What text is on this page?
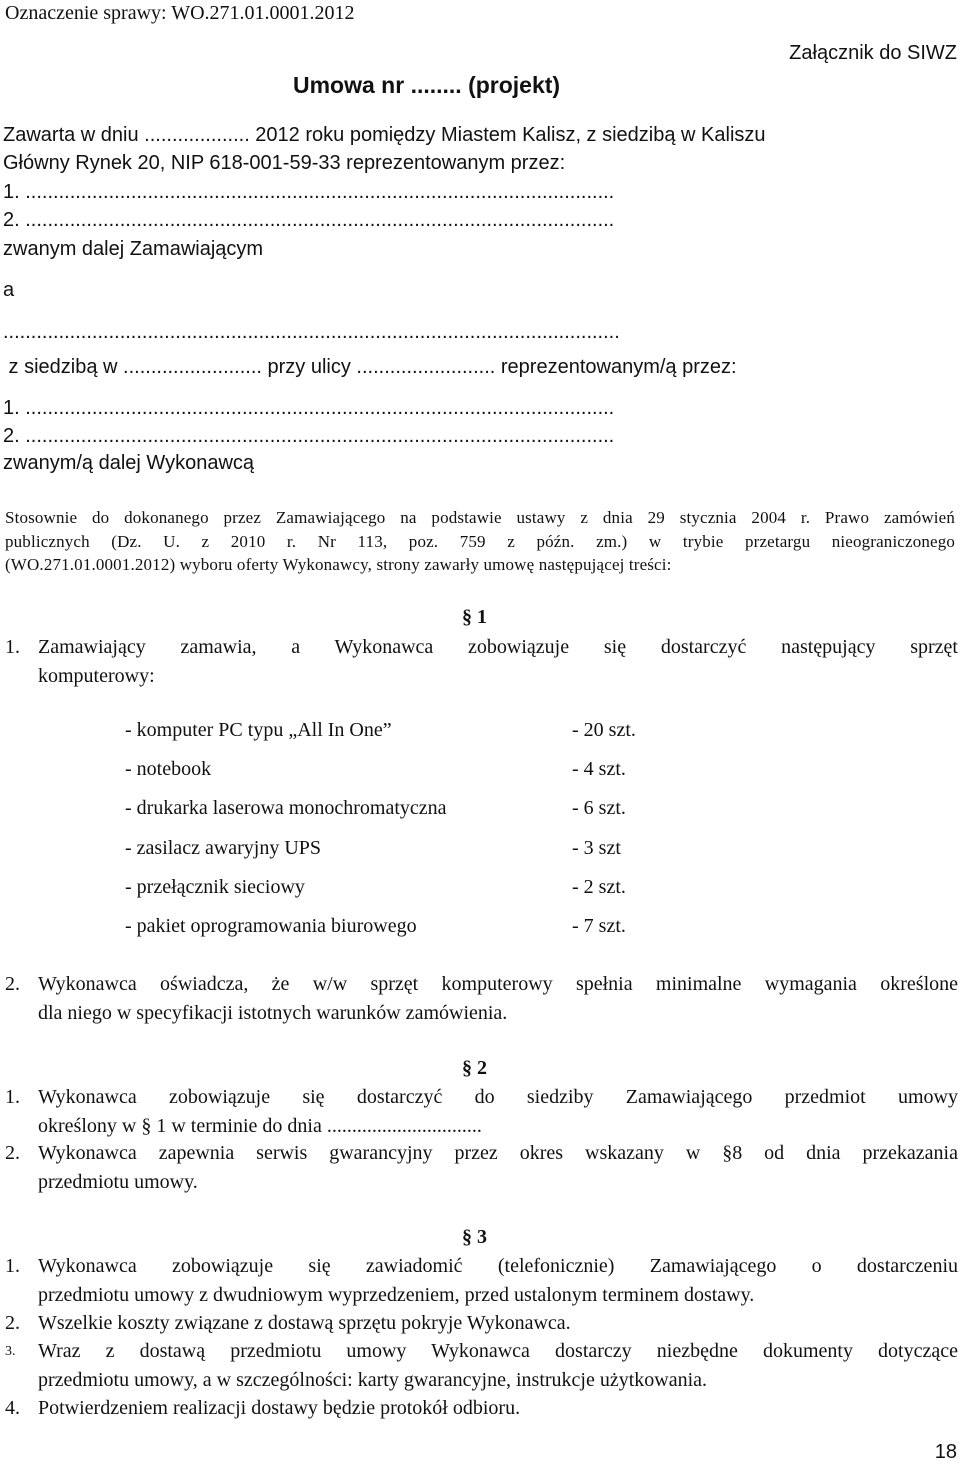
Oznaczenie sprawy: WO.271.01.0001.2012
Załącznik do SIWZ
Umowa nr ........ (projekt)
Zawarta w dniu ................... 2012 roku pomiędzy Miastem Kalisz, z siedzibą w Kaliszu
Główny Rynek 20, NIP 618-001-59-33 reprezentowanym przez:
1. ..........................................................................................................
2. ..........................................................................................................
zwanym dalej Zamawiającym
a
...............................................................................................................
z siedzibą w ......................... przy ulicy ......................... reprezentowanym/ą przez:
1. ..........................................................................................................
2. ..........................................................................................................
zwanym/ą dalej Wykonawcą
Stosownie do dokonanego przez Zamawiającego na podstawie ustawy z dnia 29 stycznia 2004 r. Prawo zamówień
publicznych (Dz. U. z 2010 r. Nr 113, poz. 759 z późn. zm.) w trybie przetargu nieograniczonego
(WO.271.01.0001.2012) wyboru oferty Wykonawcy, strony zawarły umowę następującej treści:
§ 1
1. Zamawiający zamawia, a Wykonawca zobowiązuje się dostarczyć następujący sprzęt
komputerowy:
- komputer PC typu „All In One”	- 20 szt.
- notebook	- 4 szt.
- drukarka laserowa monochromatyczna	- 6 szt.
- zasilacz awaryjny UPS	- 3 szt
- przełącznik sieciowy	- 2 szt.
- pakiet oprogramowania biurowego	- 7 szt.
2. Wykonawca oświadcza, że w/w sprzęt komputerowy spełnia minimalne wymagania określone
dla niego w specyfikacji istotnych warunków zamówienia.
§ 2
1. Wykonawca zobowiązuje się dostarczyć do siedziby Zamawiającego przedmiot umowy
określony w § 1 w terminie do dnia ...............................
2. Wykonawca zapewnia serwis gwarancyjny przez okres wskazany w §8 od dnia przekazania
przedmiotu umowy.
§ 3
1. Wykonawca zobowiązuje się zawiadomić (telefonicznie) Zamawiającego o dostarczeniu
przedmiotu umowy z dwudniowym wyprzedzeniem, przed ustalonym terminem dostawy.
2. Wszelkie koszty związane z dostawą sprzętu pokryje Wykonawca.
3. Wraz z dostawą przedmiotu umowy Wykonawca dostarczy niezbędne dokumenty dotyczące
przedmiotu umowy, a w szczególności: karty gwarancyjne, instrukcje użytkowania.
4. Potwierdzeniem realizacji dostawy będzie protokół odbioru.
18
